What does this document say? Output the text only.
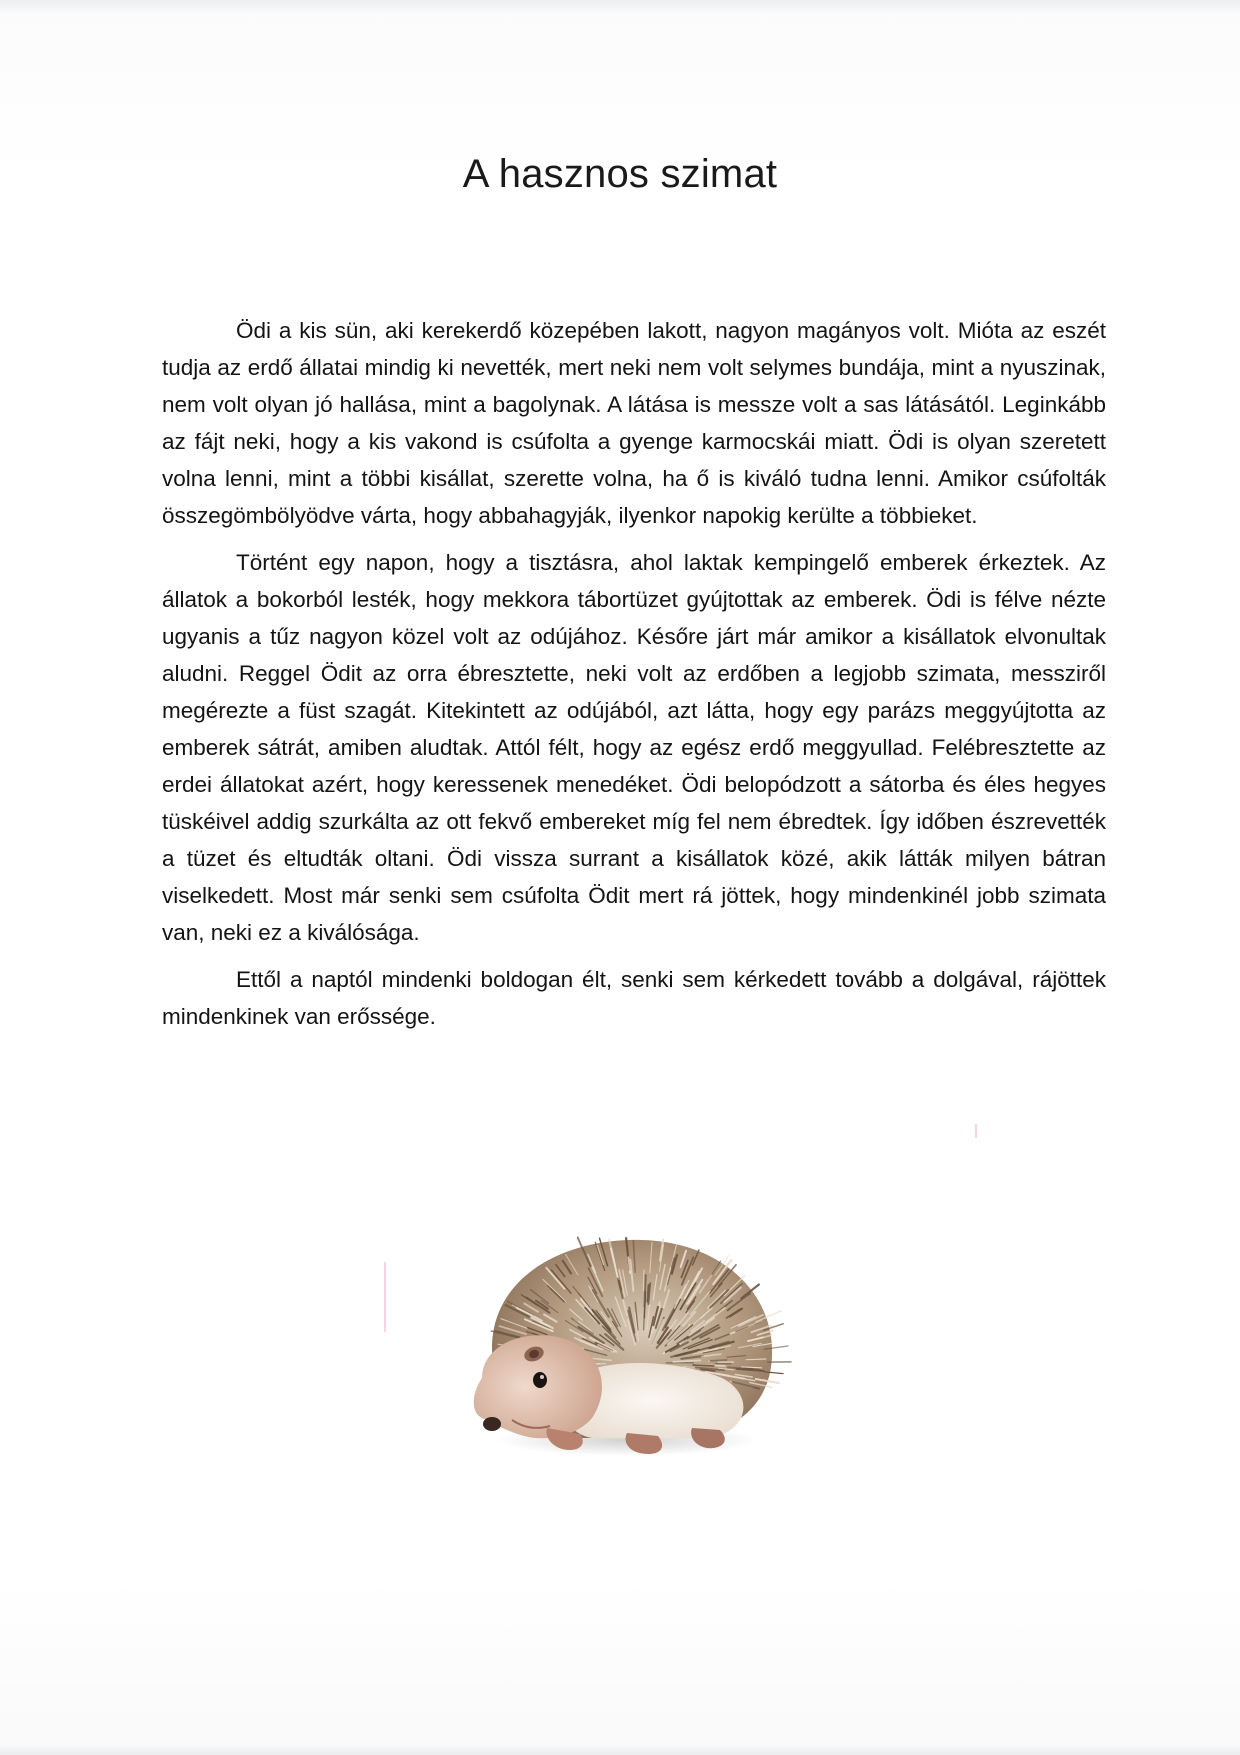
A hasznos szimat

Ödi a kis sün, aki kerekerdő közepében lakott, nagyon magányos volt. Mióta az eszét tudja az erdő állatai mindig ki nevették, mert neki nem volt selymes bundája, mint a nyuszinak, nem volt olyan jó hallása, mint a bagolynak. A látása is messze volt a sas látásától. Leginkább az fájt neki, hogy a kis vakond is csúfolta a gyenge karmocskái miatt. Ödi is olyan szeretett volna lenni, mint a többi kisállat, szerette volna, ha ő is kiváló tudna lenni. Amikor csúfolták összegömbölyödve várta, hogy abbahagyják, ilyenkor napokig kerülte a többieket.

Történt egy napon, hogy a tisztásra, ahol laktak kempingelő emberek érkeztek. Az állatok a bokorból lesték, hogy mekkora tábortüzet gyújtottak az emberek. Ödi is félve nézte ugyanis a tűz nagyon közel volt az odújához. Későre járt már amikor a kisállatok elvonultak aludni. Reggel Ödit az orra ébresztette, neki volt az erdőben a legjobb szimata, messziről megérezte a füst szagát. Kitekintett az odújából, azt látta, hogy egy parázs meggyújtotta az emberek sátrát, amiben aludtak. Attól félt, hogy az egész erdő meggyullad. Felébresztette az erdei állatokat azért, hogy keressenek menedéket. Ödi belopódzott a sátorba és éles hegyes tüskéivel addig szurkálta az ott fekvő embereket míg fel nem ébredtek. Így időben észrevették a tüzet és eltudták oltani. Ödi vissza surrant a kisállatok közé, akik látták milyen bátran viselkedett. Most már senki sem csúfolta Ödit mert rá jöttek, hogy mindenkinél jobb szimata van, neki ez a kiválósága.

Ettől a naptól mindenki boldogan élt, senki sem kérkedett tovább a dolgával, rájöttek mindenkinek van erőssége.
